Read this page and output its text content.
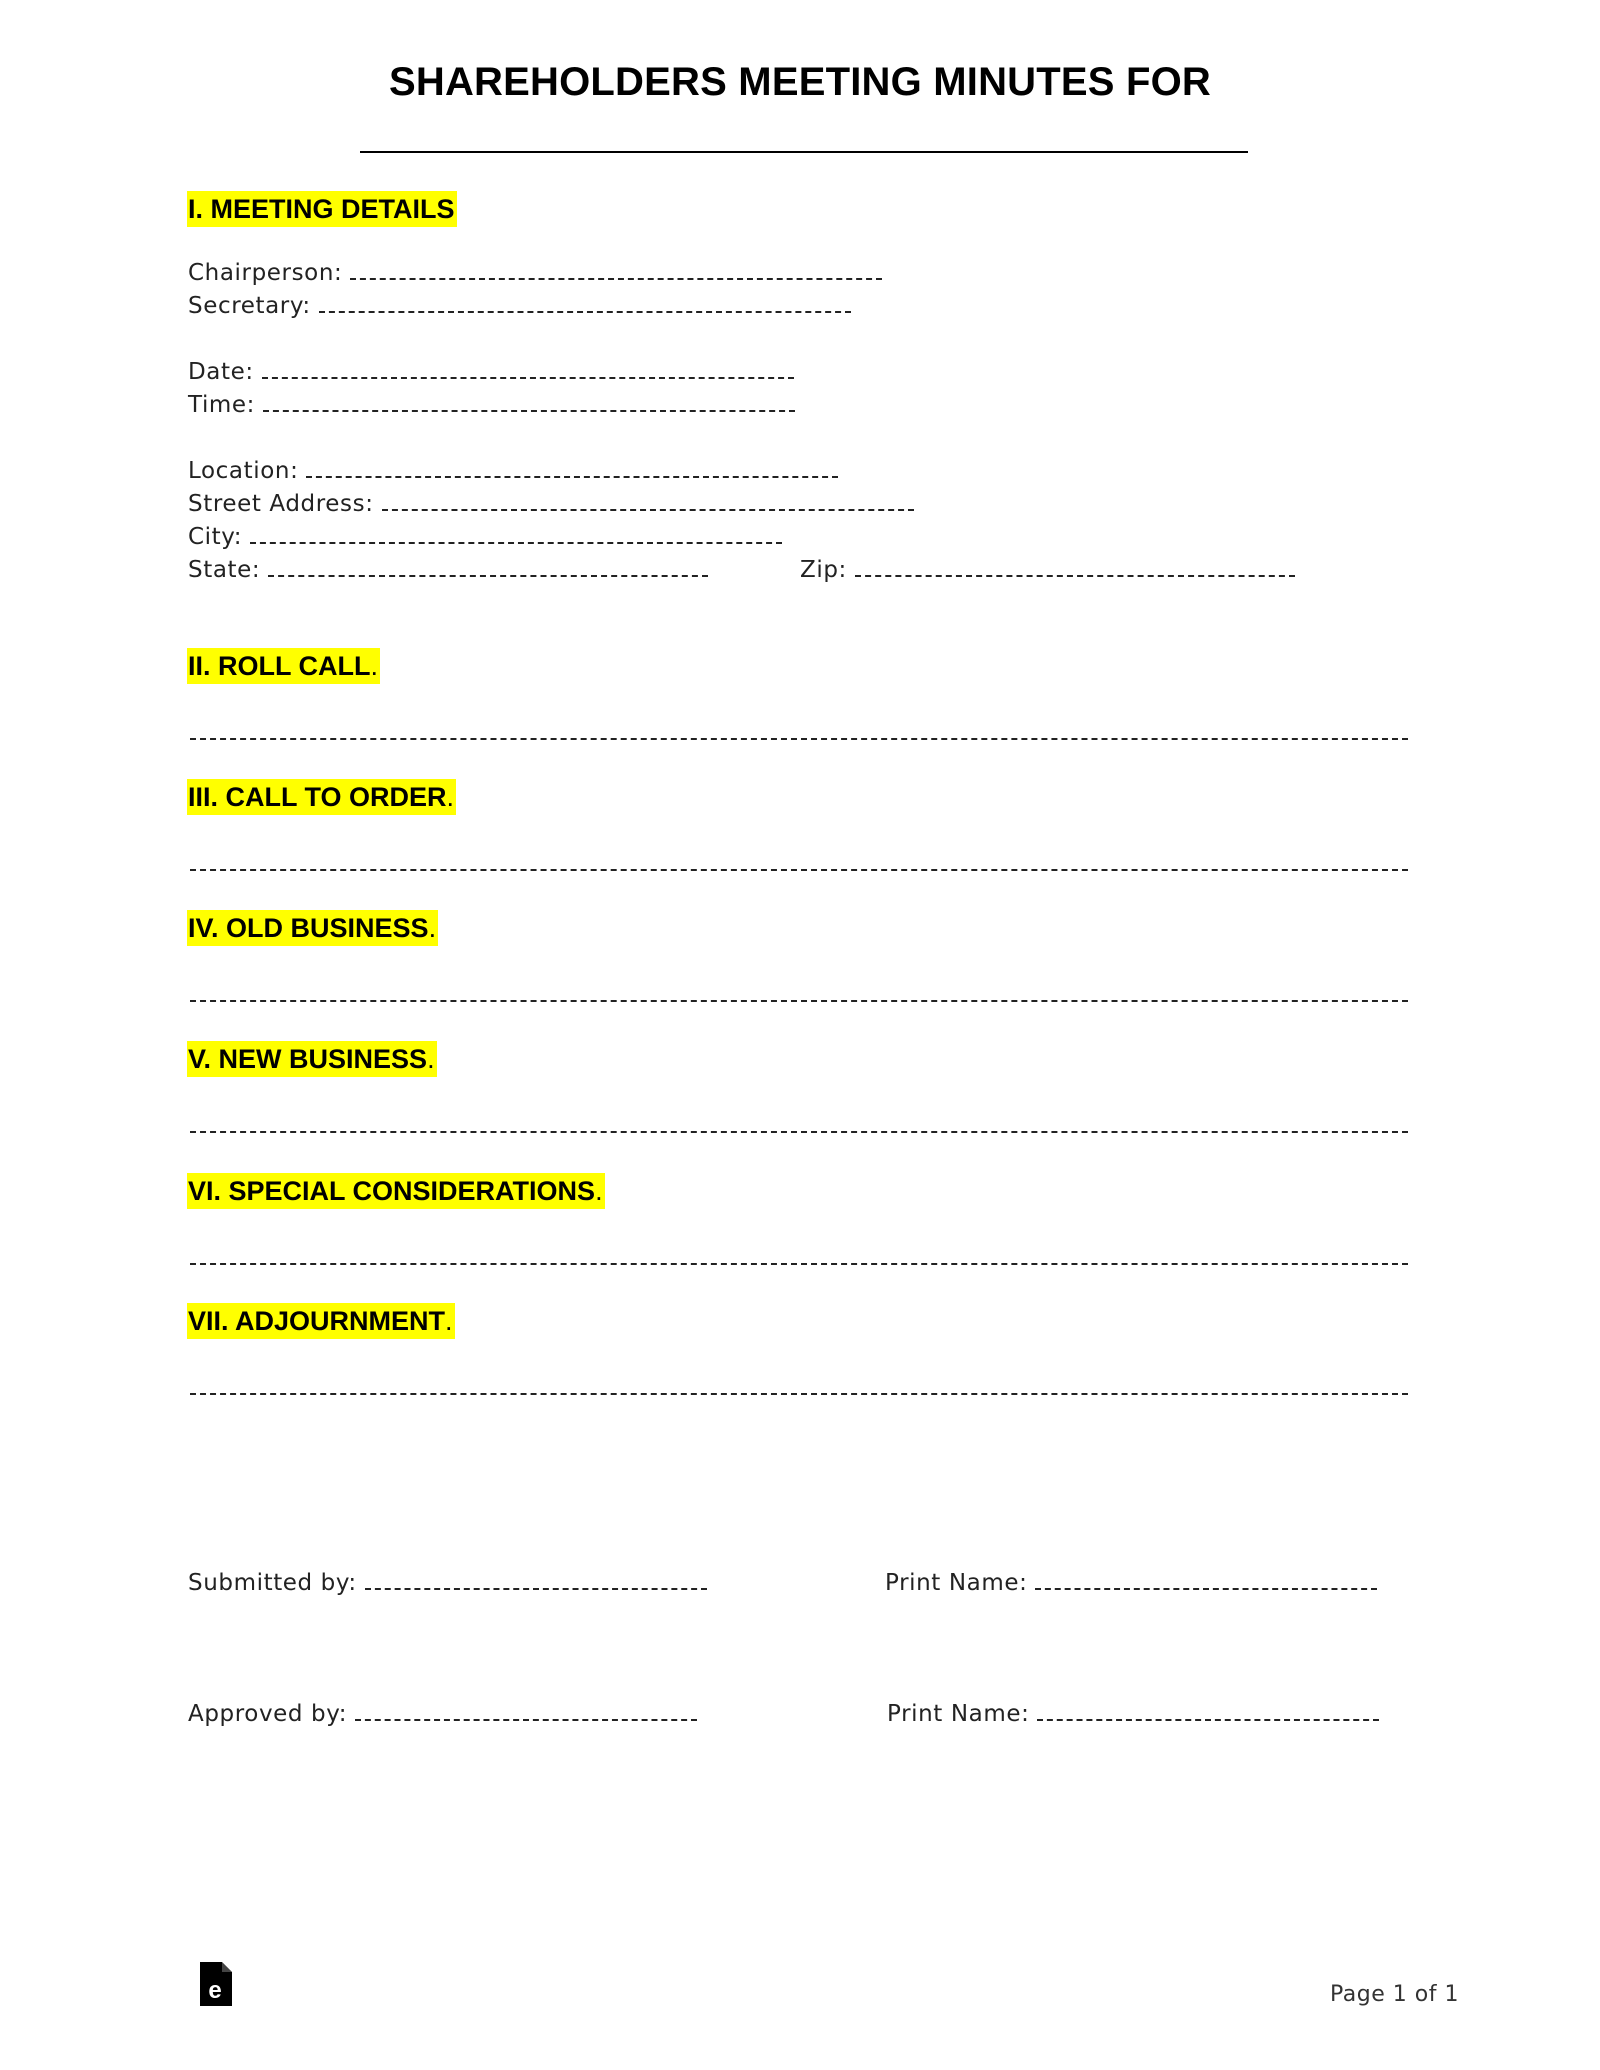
SHAREHOLDERS MEETING MINUTES FOR
I. MEETING DETAILS
Chairperson:
Secretary:
Date:
Time:
Location:
Street Address:
City:
State:	Zip:
II. ROLL CALL.
III. CALL TO ORDER.
IV. OLD BUSINESS.
V. NEW BUSINESS.
VI. SPECIAL CONSIDERATIONS.
VII. ADJOURNMENT.
Submitted by:	Print Name:
Approved by:	Print Name:
e	Page 1 of 1
